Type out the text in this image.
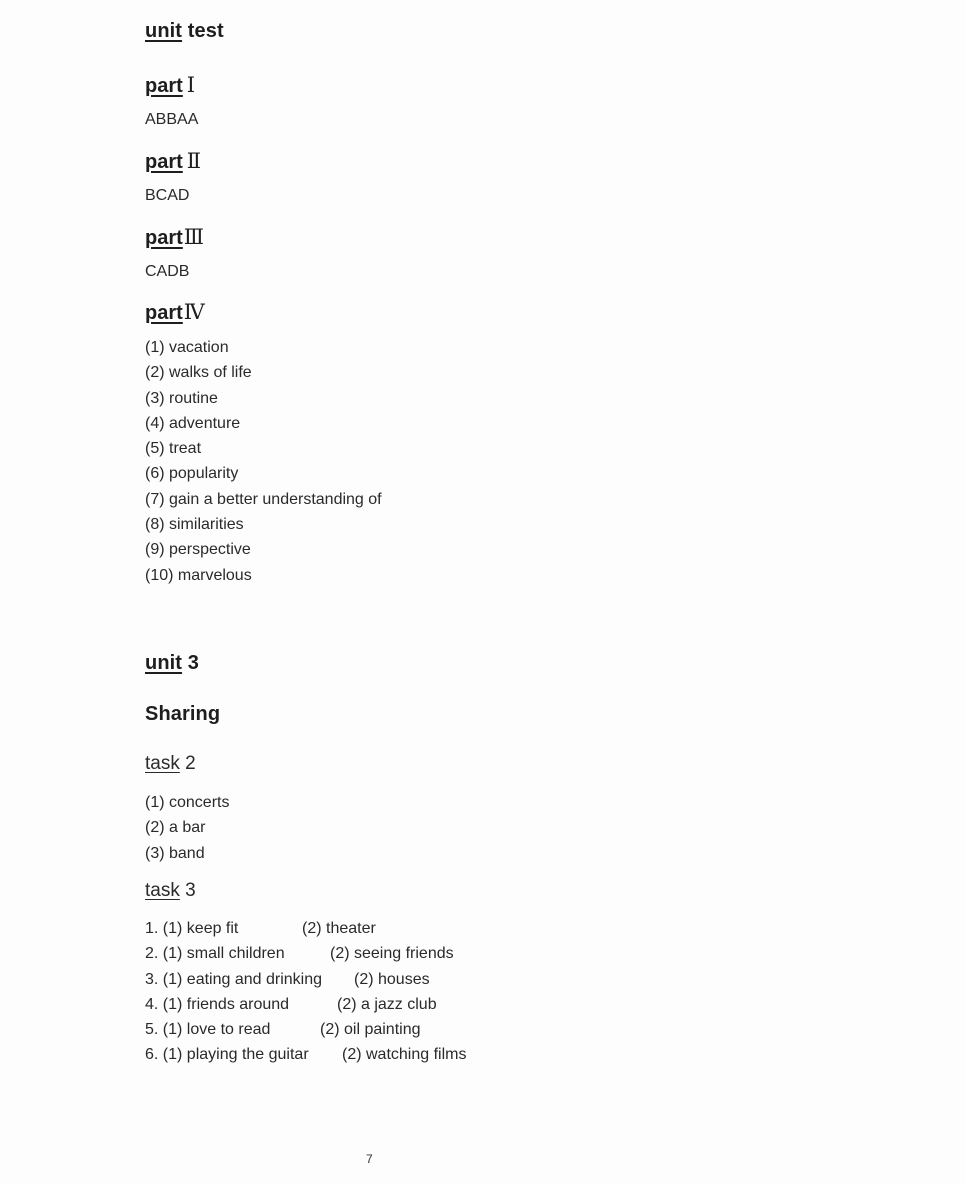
unit test
part Ⅰ
ABBAA
part Ⅱ
BCAD
part Ⅲ
CADB
part Ⅳ
(1) vacation
(2) walks of life
(3) routine
(4) adventure
(5) treat
(6) popularity
(7) gain a better understanding of
(8) similarities
(9) perspective
(10) marvelous
unit 3
Sharing
task 2
(1) concerts
(2) a bar
(3) band
task 3
1. (1) keep fit	(2) theater
2. (1) small children	(2) seeing friends
3. (1) eating and drinking (2) houses
4. (1) friends around	(2) a jazz club
5. (1) love to read	(2) oil painting
6. (1) playing the guitar (2) watching films
7
